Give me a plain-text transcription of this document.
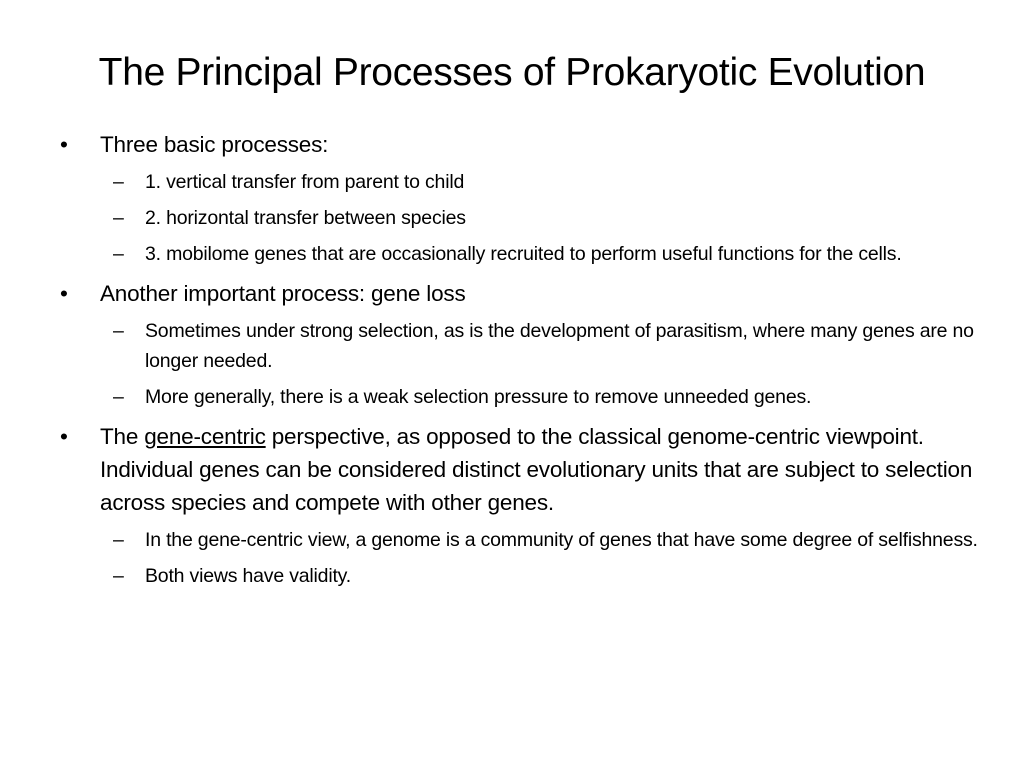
The Principal Processes of Prokaryotic Evolution
•	Three basic processes:
– 1. vertical transfer from parent to child
– 2. horizontal transfer between species
– 3. mobilome genes that are occasionally recruited to perform useful functions for the cells.
•	Another important process: gene loss
– Sometimes under strong selection, as is the development of parasitism, where many genes are no longer needed.
– More generally, there is a weak selection pressure to remove unneeded genes.
•	The gene-centric perspective, as opposed to the classical genome-centric viewpoint. Individual genes can be considered distinct evolutionary units that are subject to selection across species and compete with other genes.
– In the gene-centric view, a genome is a community of genes that have some degree of selfishness.
– Both views have validity.
